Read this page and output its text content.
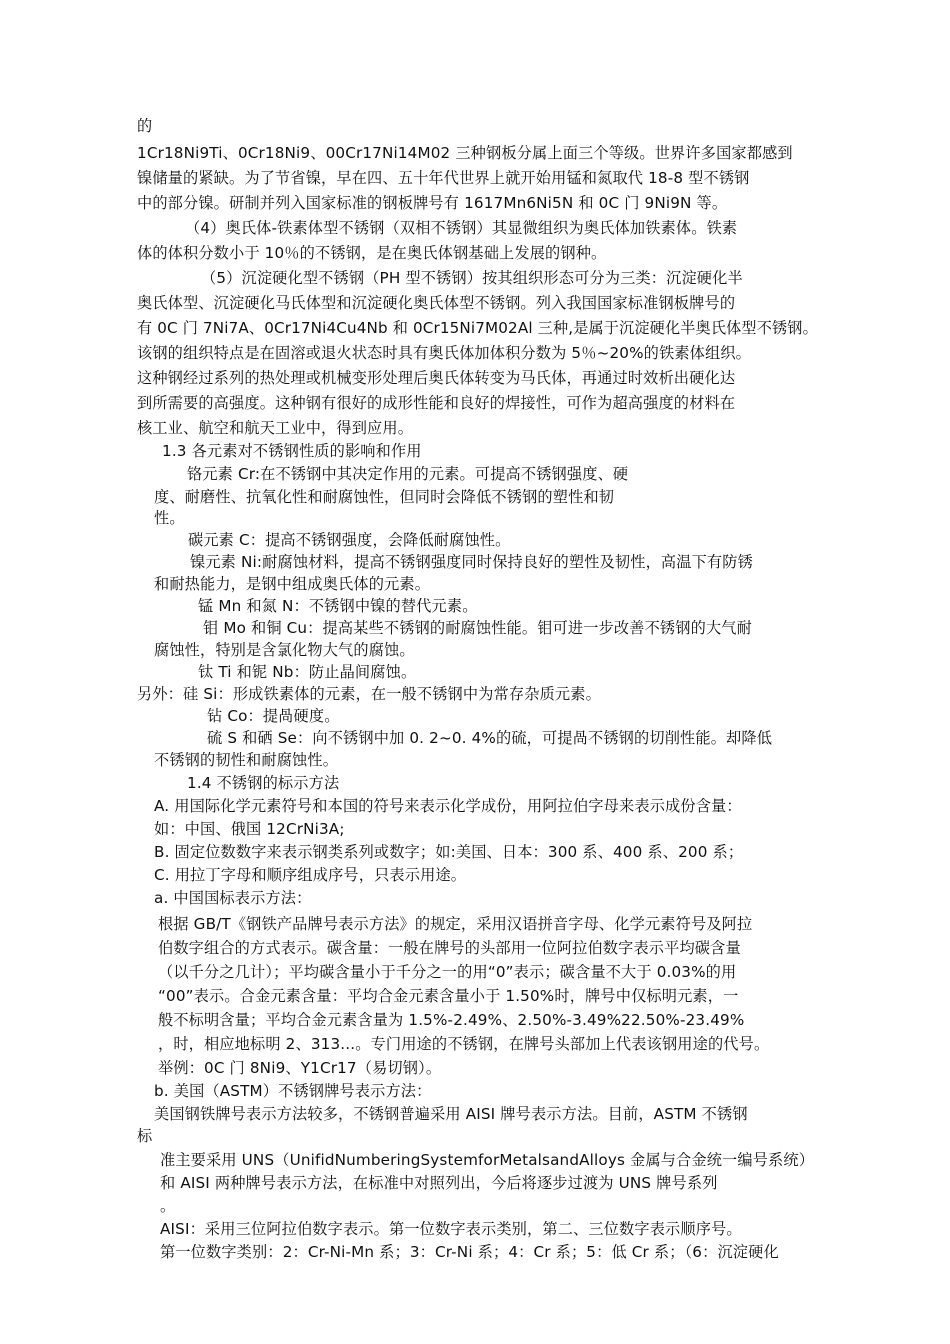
的
1Cr18Ni9Ti、0Cr18Ni9、00Cr17Ni14M02 三种钢板分属上面三个等级。世界许多国家都感到
镍储量的紧缺。为了节省镍，早在四、五十年代世界上就开始用锰和氮取代 18-8 型不锈钢
中的部分镍。研制并列入国家标准的钢板牌号有 1617Mn6Ni5N 和 0C 门 9Ni9N 等。
（4）奥氏体-铁素体型不锈钢（双相不锈钢）其显微组织为奥氏体加铁素体。铁素
体的体积分数小于 10％的不锈钢，是在奥氏体钢基础上发展的钢种。
（5）沉淀硬化型不锈钢（PH 型不锈钢）按其组织形态可分为三类：沉淀硬化半
奥氏体型、沉淀硬化马氏体型和沉淀硬化奥氏体型不锈钢。列入我国国家标准钢板牌号的
有 0C 门 7Ni7A、0Cr17Ni4Cu4Nb 和 0Cr15Ni7M02Al 三种,是属于沉淀硬化半奥氏体型不锈钢。
该钢的组织特点是在固溶或退火状态时具有奥氏体加体积分数为 5％~20%的铁素体组织。
这种钢经过系列的热处理或机械变形处理后奥氏体转变为马氏体，再通过时效析出硬化达
到所需要的高强度。这种钢有很好的成形性能和良好的焊接性，可作为超高强度的材料在
核工业、航空和航天工业中，得到应用。
1.3 各元素对不锈钢性质的影响和作用
铬元素 Cr:在不锈钢中其决定作用的元素。可提高不锈钢强度、硬
度、耐磨性、抗氧化性和耐腐蚀性，但同时会降低不锈钢的塑性和韧
性。
碳元素 C：提高不锈钢强度，会降低耐腐蚀性。
镍元素 Ni:耐腐蚀材料，提高不锈钢强度同时保持良好的塑性及韧性，高温下有防锈
和耐热能力，是钢中组成奥氏体的元素。
锰 Mn 和氮 N：不锈钢中镍的替代元素。
钼 Mo 和铜 Cu：提高某些不锈钢的耐腐蚀性能。钼可进一步改善不锈钢的大气耐
腐蚀性，特别是含氯化物大气的腐蚀。
钛 Ti 和铌 Nb：防止晶间腐蚀。
另外：硅 Si：形成铁素体的元素，在一般不锈钢中为常存杂质元素。
钻 Co：提咼硬度。
硫 S 和硒 Se：向不锈钢中加 0. 2~0. 4%的硫，可提咼不锈钢的切削性能。却降低
不锈钢的韧性和耐腐蚀性。
1.4 不锈钢的标示方法
A. 用国际化学元素符号和本国的符号来表示化学成份，用阿拉伯字母来表示成份含量：
如：中国、俄国 12CrNi3A;
B. 固定位数数字来表示钢类系列或数字；如:美国、日本：300 系、400 系、200 系；
C. 用拉丁字母和顺序组成序号，只表示用途。
a. 中国国标表示方法：
根据 GB/T《钢铁产品牌号表示方法》的规定，采用汉语拼音字母、化学元素符号及阿拉
伯数字组合的方式表示。碳含量：一般在牌号的头部用一位阿拉伯数字表示平均碳含量
（以千分之几计）；平均碳含量小于千分之一的用“0”表示；碳含量不大于 0.03%的用
“00”表示。合金元素含量：平均合金元素含量小于 1.50%时，牌号中仅标明元素，一
般不标明含量；平均合金元素含量为 1.5%-2.49%、2.50%-3.49%22.50%-23.49%
，时，相应地标明 2、313...。专门用途的不锈钢，在牌号头部加上代表该钢用途的代号。
举例：0C 门 8Ni9、Y1Cr17（易切钢）。
b. 美国（ASTM）不锈钢牌号表示方法：
美国钢铁牌号表示方法较多，不锈钢普遍采用 AISI 牌号表示方法。目前，ASTM 不锈钢
标
准主要采用 UNS（UnifidNumberingSystemforMetalsandAlloys 金属与合金统一编号系统）
和 AISI 两种牌号表示方法，在标准中对照列出，今后将逐步过渡为 UNS 牌号系列
。
AISI：采用三位阿拉伯数字表示。第一位数字表示类别，第二、三位数字表示顺序号。
第一位数字类别：2：Cr-Ni-Mn 系；3：Cr-Ni 系；4：Cr 系；5：低 Cr 系；（6：沉淀硬化
